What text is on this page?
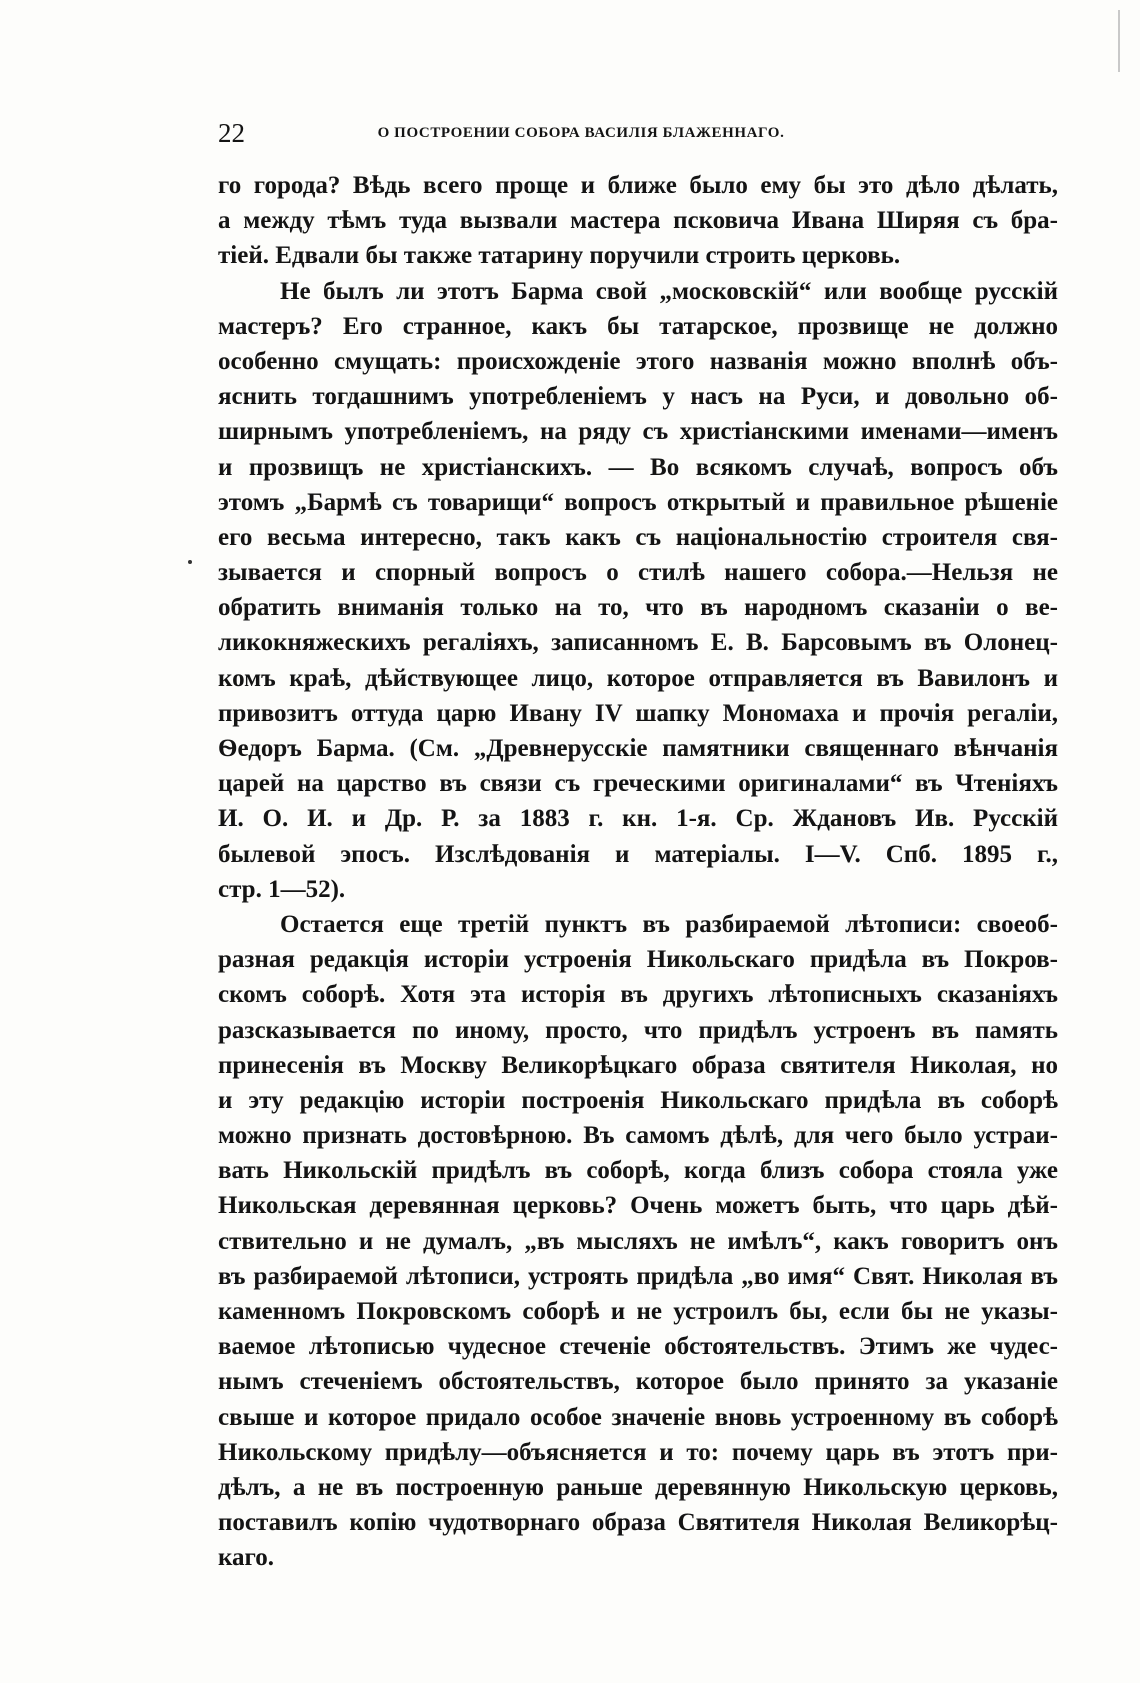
22	О ПОСТРОЕНИИ СОБОРА ВАСИЛІЯ БЛАЖЕННАГО.
го города? Вѣдь всего проще и ближе было ему бы это дѣло дѣлать,
а между тѣмъ туда вызвали мастера псковича Ивана Ширяя съ бра-
тіей. Едвали бы также татарину поручили строить церковь.
Не былъ ли этотъ Барма свой „московскій“ или вообще русскій
мастеръ? Его странное, какъ бы татарское, прозвище не должно
особенно смущать: происхожденіе этого названія можно вполнѣ объ-
яснить тогдашнимъ употребленіемъ у насъ на Руси, и довольно об-
ширнымъ употребленіемъ, на ряду съ христіанскими именами—именъ
и прозвищъ не христіанскихъ. — Во всякомъ случаѣ, вопросъ объ
этомъ „Бармѣ съ товарищи“ вопросъ открытый и правильное рѣшеніе
его весьма интересно, такъ какъ съ національностію строителя свя-
зывается и спорный вопросъ о стилѣ нашего собора.—Нельзя не
обратить вниманія только на то, что въ народномъ сказаніи о ве-
ликокняжескихъ регаліяхъ, записанномъ Е. В. Барсовымъ въ Олонец-
комъ краѣ, дѣйствующее лицо, которое отправляется въ Вавилонъ и
привозитъ оттуда царю Ивану IV шапку Мономаха и прочія регаліи,
Ѳедоръ Барма. (См. „Древнерусскіе памятники священнаго вѣнчанія
царей на царство въ связи съ греческими оригиналами“ въ Чтеніяхъ
И. О. И. и Др. Р. за 1883 г. кн. 1-я. Ср. Ждановъ Ив. Русскій
былевой эпосъ. Изслѣдованія и матеріалы. I—V. Спб. 1895 г.,
стр. 1—52).
Остается еще третій пунктъ въ разбираемой лѣтописи: своеоб-
разная редакція исторіи устроенія Никольскаго придѣла въ Покров-
скомъ соборѣ. Хотя эта исторія въ другихъ лѣтописныхъ сказаніяхъ
разсказывается по иному, просто, что придѣлъ устроенъ въ память
принесенія въ Москву Великорѣцкаго образа святителя Николая, но
и эту редакцію исторіи построенія Никольскаго придѣла въ соборѣ
можно признать достовѣрною. Въ самомъ дѣлѣ, для чего было устраи-
вать Никольскій придѣлъ въ соборѣ, когда близъ собора стояла уже
Никольская деревянная церковь? Очень можетъ быть, что царь дѣй-
ствительно и не думалъ, „въ мысляхъ не имѣлъ“, какъ говоритъ онъ
въ разбираемой лѣтописи, устроять придѣла „во имя“ Свят. Николая въ
каменномъ Покровскомъ соборѣ и не устроилъ бы, если бы не указы-
ваемое лѣтописью чудесное стеченіе обстоятельствъ. Этимъ же чудес-
нымъ стеченіемъ обстоятельствъ, которое было принято за указаніе
свыше и которое придало особое значеніе вновь устроенному въ соборѣ
Никольскому придѣлу—объясняется и то: почему царь въ этотъ при-
дѣлъ, а не въ построенную раньше деревянную Никольскую церковь,
поставилъ копію чудотворнаго образа Святителя Николая Великорѣц-
каго.
